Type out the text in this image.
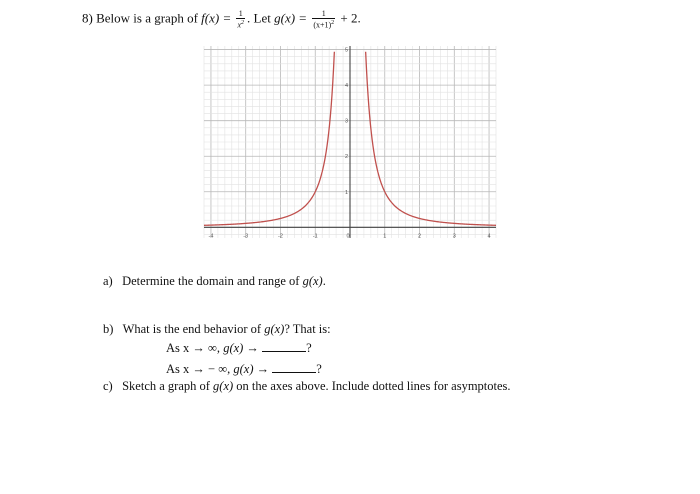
8) Below is a graph of $f(x) = \frac{1}{x^2}$ . Let $g(x) = \frac{1}{(x+1)^2} + 2$.
-4	-3	-2	-1	0	1	2	3	4
1
2
3
4
5
a) Determine the domain and range of g(x).
b) What is the end behavior of g(x)? That is:
As x → ∞, g(x) →	?
As x → − ∞, g(x) →	?
c) Sketch a graph of g(x) on the axes above. Include dotted lines for asymptotes.
